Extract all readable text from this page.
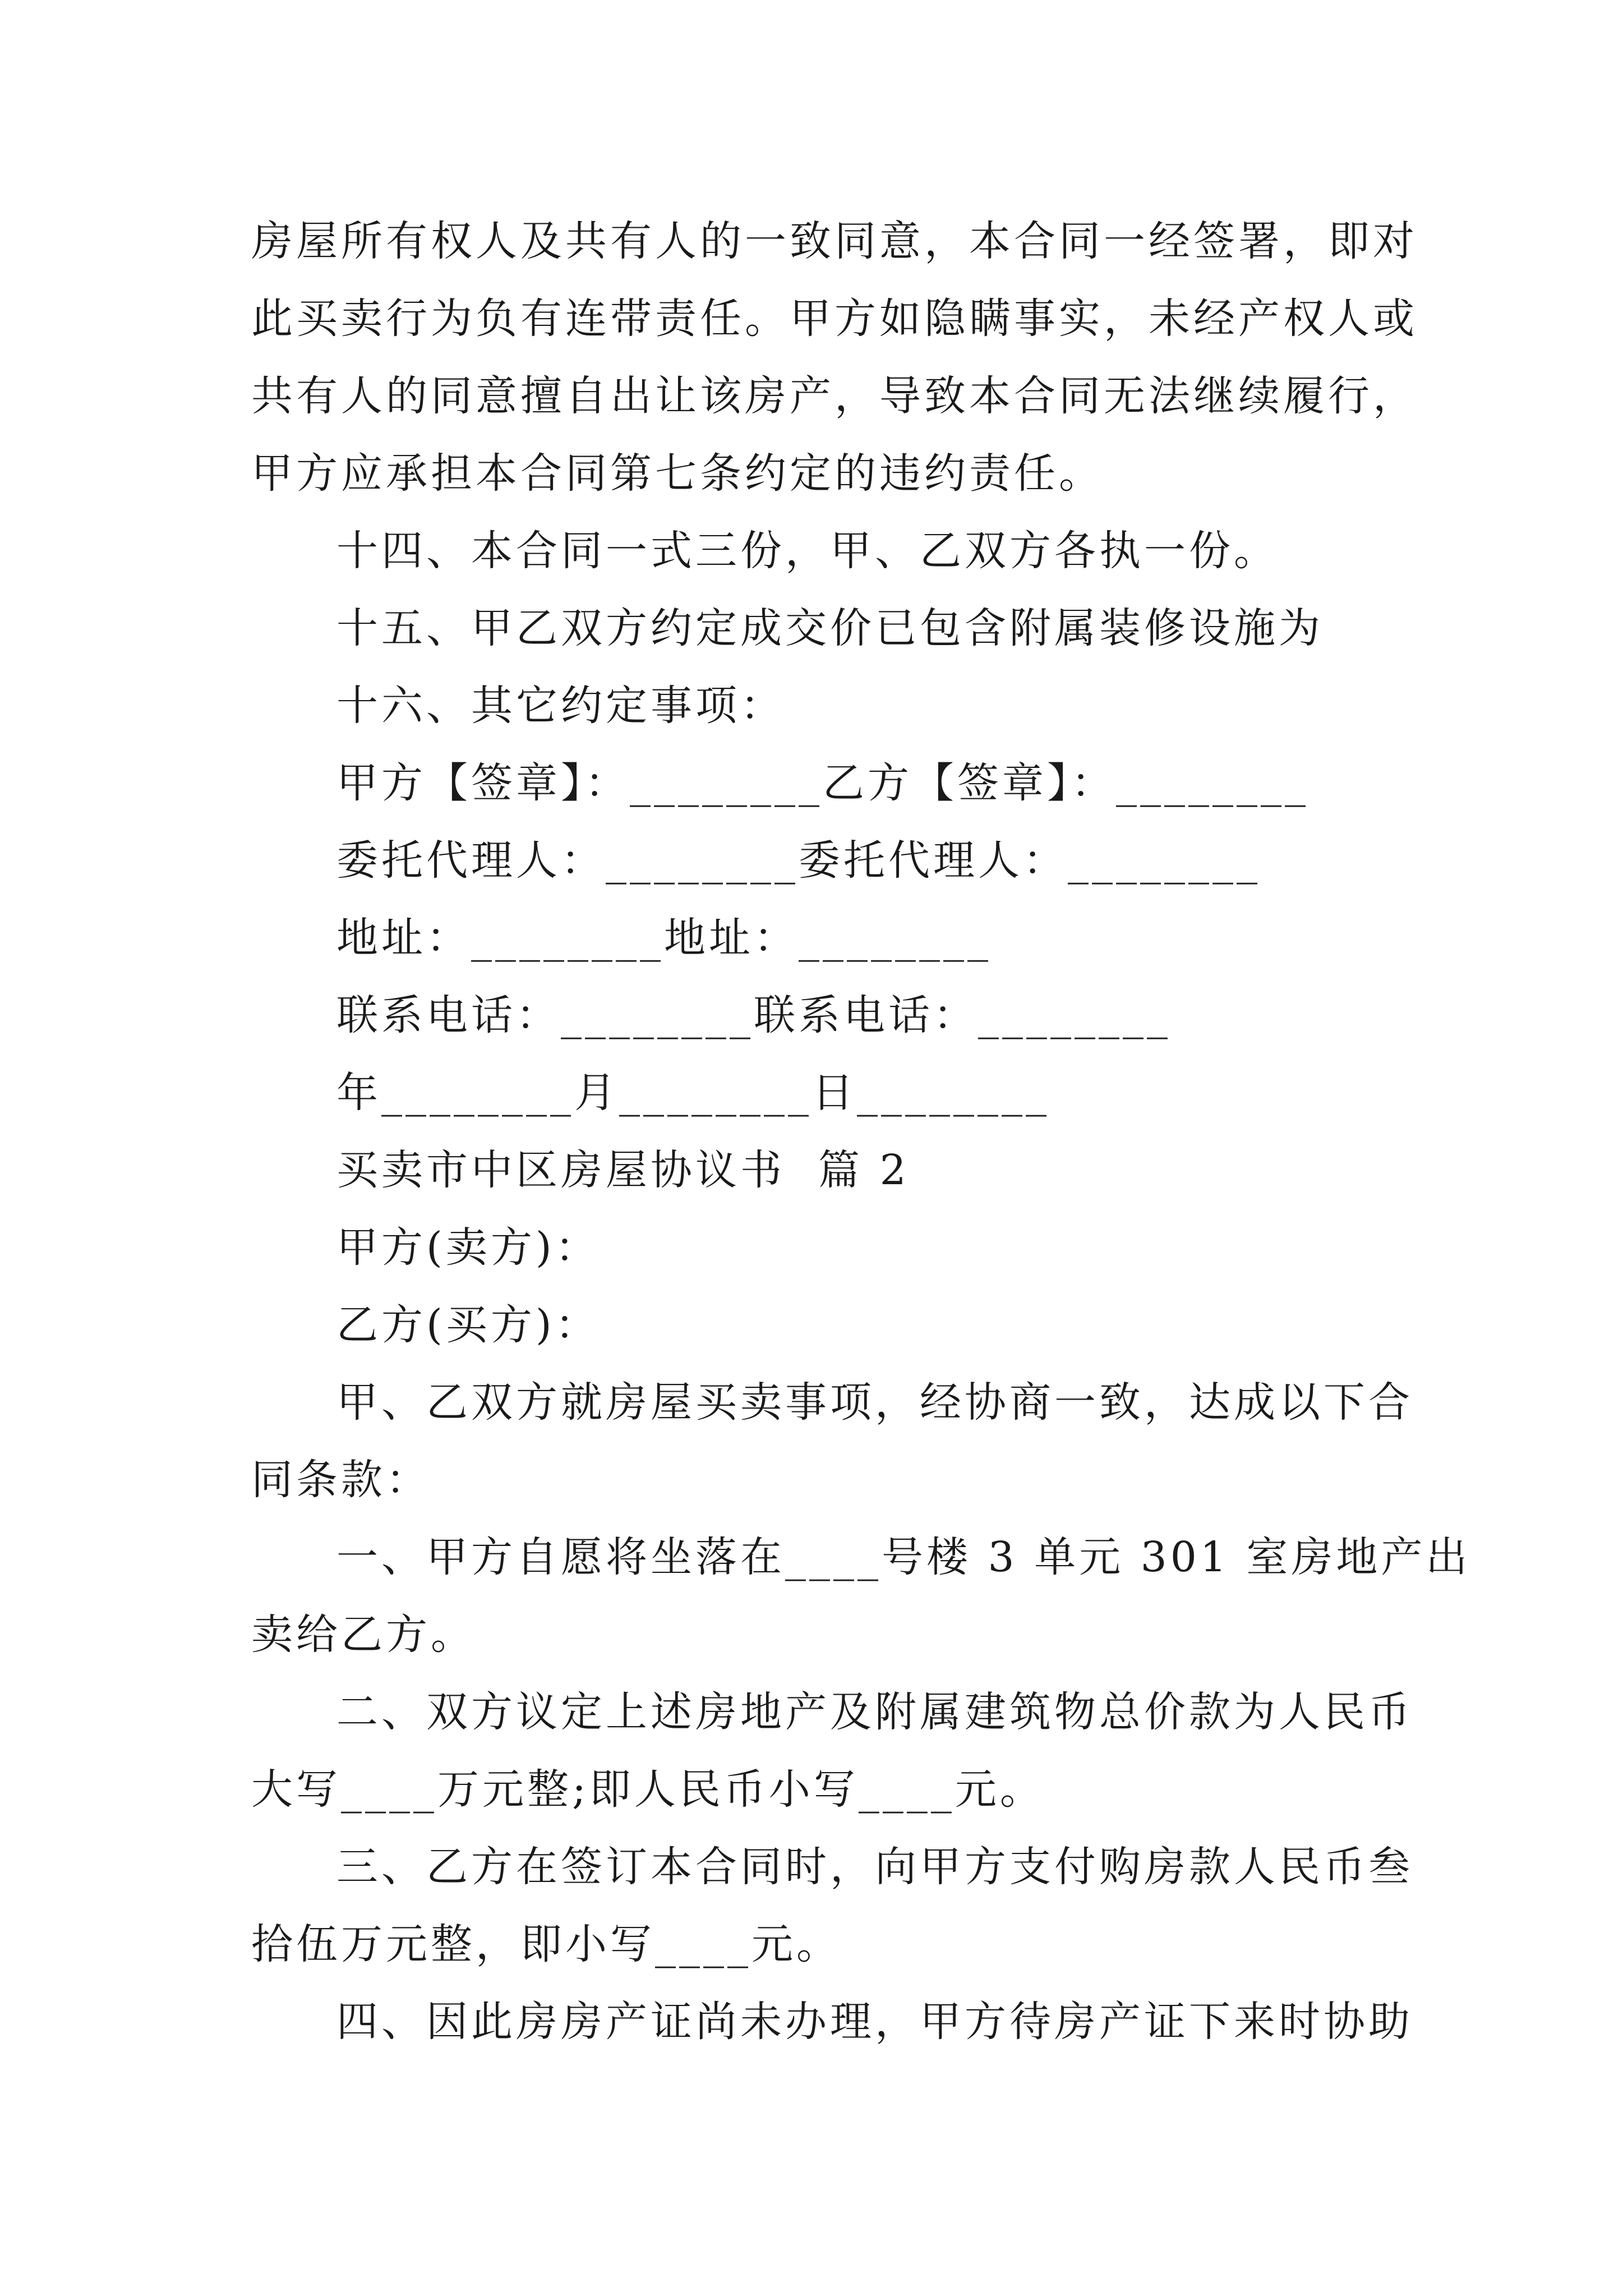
房屋所有权人及共有人的一致同意，本合同一经签署，即对
此买卖行为负有连带责任。甲方如隐瞒事实，未经产权人或
共有人的同意擅自出让该房产，导致本合同无法继续履行，
甲方应承担本合同第七条约定的违约责任。
十四、本合同一式三份，甲、乙双方各执一份。
十五、甲乙双方约定成交价已包含附属装修设施为
十六、其它约定事项：
甲方【签章】：________乙方【签章】：________
委托代理人：________委托代理人：________
地址：________地址：________
联系电话：________联系电话：________
年________月________日________
买卖市中区房屋协议书  篇 2
甲方(卖方)：
乙方(买方)：
甲、乙双方就房屋买卖事项，经协商一致，达成以下合
同条款：
一、甲方自愿将坐落在____号楼 3 单元 301 室房地产出
卖给乙方。
二、双方议定上述房地产及附属建筑物总价款为人民币
大写____万元整;即人民币小写____元。
三、乙方在签订本合同时，向甲方支付购房款人民币叁
拾伍万元整，即小写____元。
四、因此房房产证尚未办理，甲方待房产证下来时协助
